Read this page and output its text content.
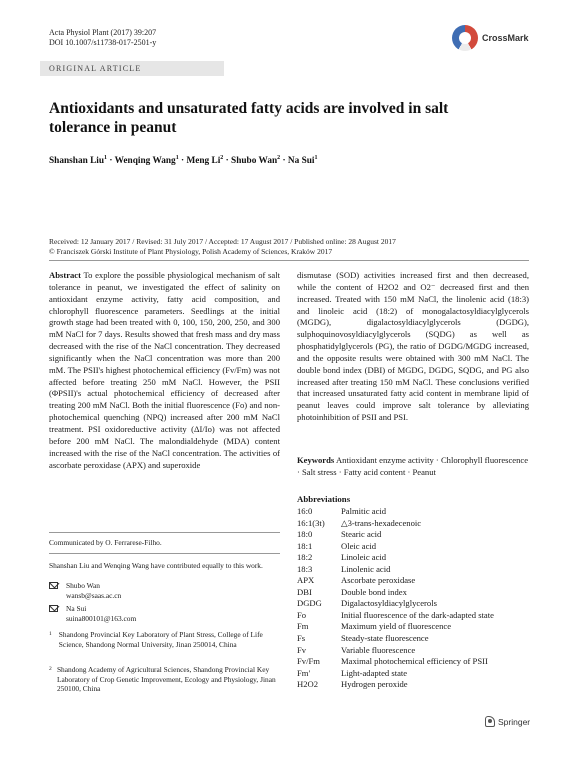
Acta Physiol Plant (2017) 39:207
DOI 10.1007/s11738-017-2501-y	CrossMark
ORIGINAL ARTICLE
Antioxidants and unsaturated fatty acids are involved in salt tolerance in peanut
Shanshan Liu$^1$ · Wenqing Wang$^1$ · Meng $Li^2$ · Shubo Wan$^2$ · Na Sui$^1$
Received: 12 January 2017 / Revised: 31 July 2017 / Accepted: 17 August 2017 / Published online: 28 August 2017
© Franciszek Górski Institute of Plant Physiology, Polish Academy of Sciences, Kraków 2017
Abstract To explore the possible physiological mechanism of salt tolerance in peanut, we investigated the effect of salinity on antioxidant enzyme activity, fatty acid composition, and chlorophyll fluorescence parameters. Seedlings at the initial growth stage had been treated with 0, 100, 150, 200, 250, and 300 mM NaCl for 7 days. Results showed that fresh mass and dry mass decreased with the rise of the NaCl concentration. They decreased significantly when the NaCl concentration was more than 200 mM. The PSII's highest photochemical efficiency (Fv/Fm) was not affected before treating 250 mM NaCl. However, the PSII (ΦPSII)'s actual photochemical efficiency of decreased after treating 200 mM NaCl. Both the initial fluorescence (Fo) and non-photochemical quenching (NPQ) increased after 200 mM NaCl treatment. PSI oxidoreductive activity (ΔI/Io) was not affected before 200 mM NaCl. The malondialdehyde (MDA) content increased with the rise of the NaCl concentration. The activities of ascorbate peroxidase (APX) and superoxide
dismutase (SOD) activities increased first and then decreased, while the content of H2O2 and O2⁻ decreased first and then increased. Treated with 150 mM NaCl, the linolenic acid (18:3) and linoleic acid (18:2) of monogalactosyldiacylglycerols (MGDG), digalactosyldiacylglycerols (DGDG), sulphoquinovosyldiacylglycerols (SQDG) as well as phosphatidylglycerols (PG), the ratio of DGDG/MGDG increased, and the opposite results were obtained with 300 mM NaCl. The double bond index (DBI) of MGDG, DGDG, SQDG, and PG also increased after treating 150 mM NaCl. These conclusions verified that increased unsaturated fatty acid content in membrane lipid of peanut leaves could improve salt tolerance by alleviating photoinhibition of PSII and PSI.
Keywords Antioxidant enzyme activity · Chlorophyll fluorescence · Salt stress · Fatty acid content · Peanut
Abbreviations
16:0	Palmitic acid
16:1(3t)	△3-trans-hexadecenoic
18:0	Stearic acid
18:1	Oleic acid
18:2	Linoleic acid
18:3	Linolenic acid
APX	Ascorbate peroxidase
DBI	Double bond index
DGDG	Digalactosyldiacylglycerols
Fo	Initial fluorescence of the dark-adapted state
Fm	Maximum yield of fluorescence
Fs	Steady-state fluorescence
Fv	Variable fluorescence
Fv/Fm	Maximal photochemical efficiency of PSII
Fm′	Light-adapted state
H2O2	Hydrogen peroxide
Communicated by O. Ferrarese-Filho.
Shanshan Liu and Wenqing Wang have contributed equally to this work.
Shubo Wan
wansb@saas.ac.cn
Na Sui
suina800101@163.com
1 Shandong Provincial Key Laboratory of Plant Stress, College of Life Science, Shandong Normal University, Jinan 250014, China
2 Shandong Academy of Agricultural Sciences, Shandong Provincial Key Laboratory of Crop Genetic Improvement, Ecology and Physiology, Jinan 250100, China
Springer
